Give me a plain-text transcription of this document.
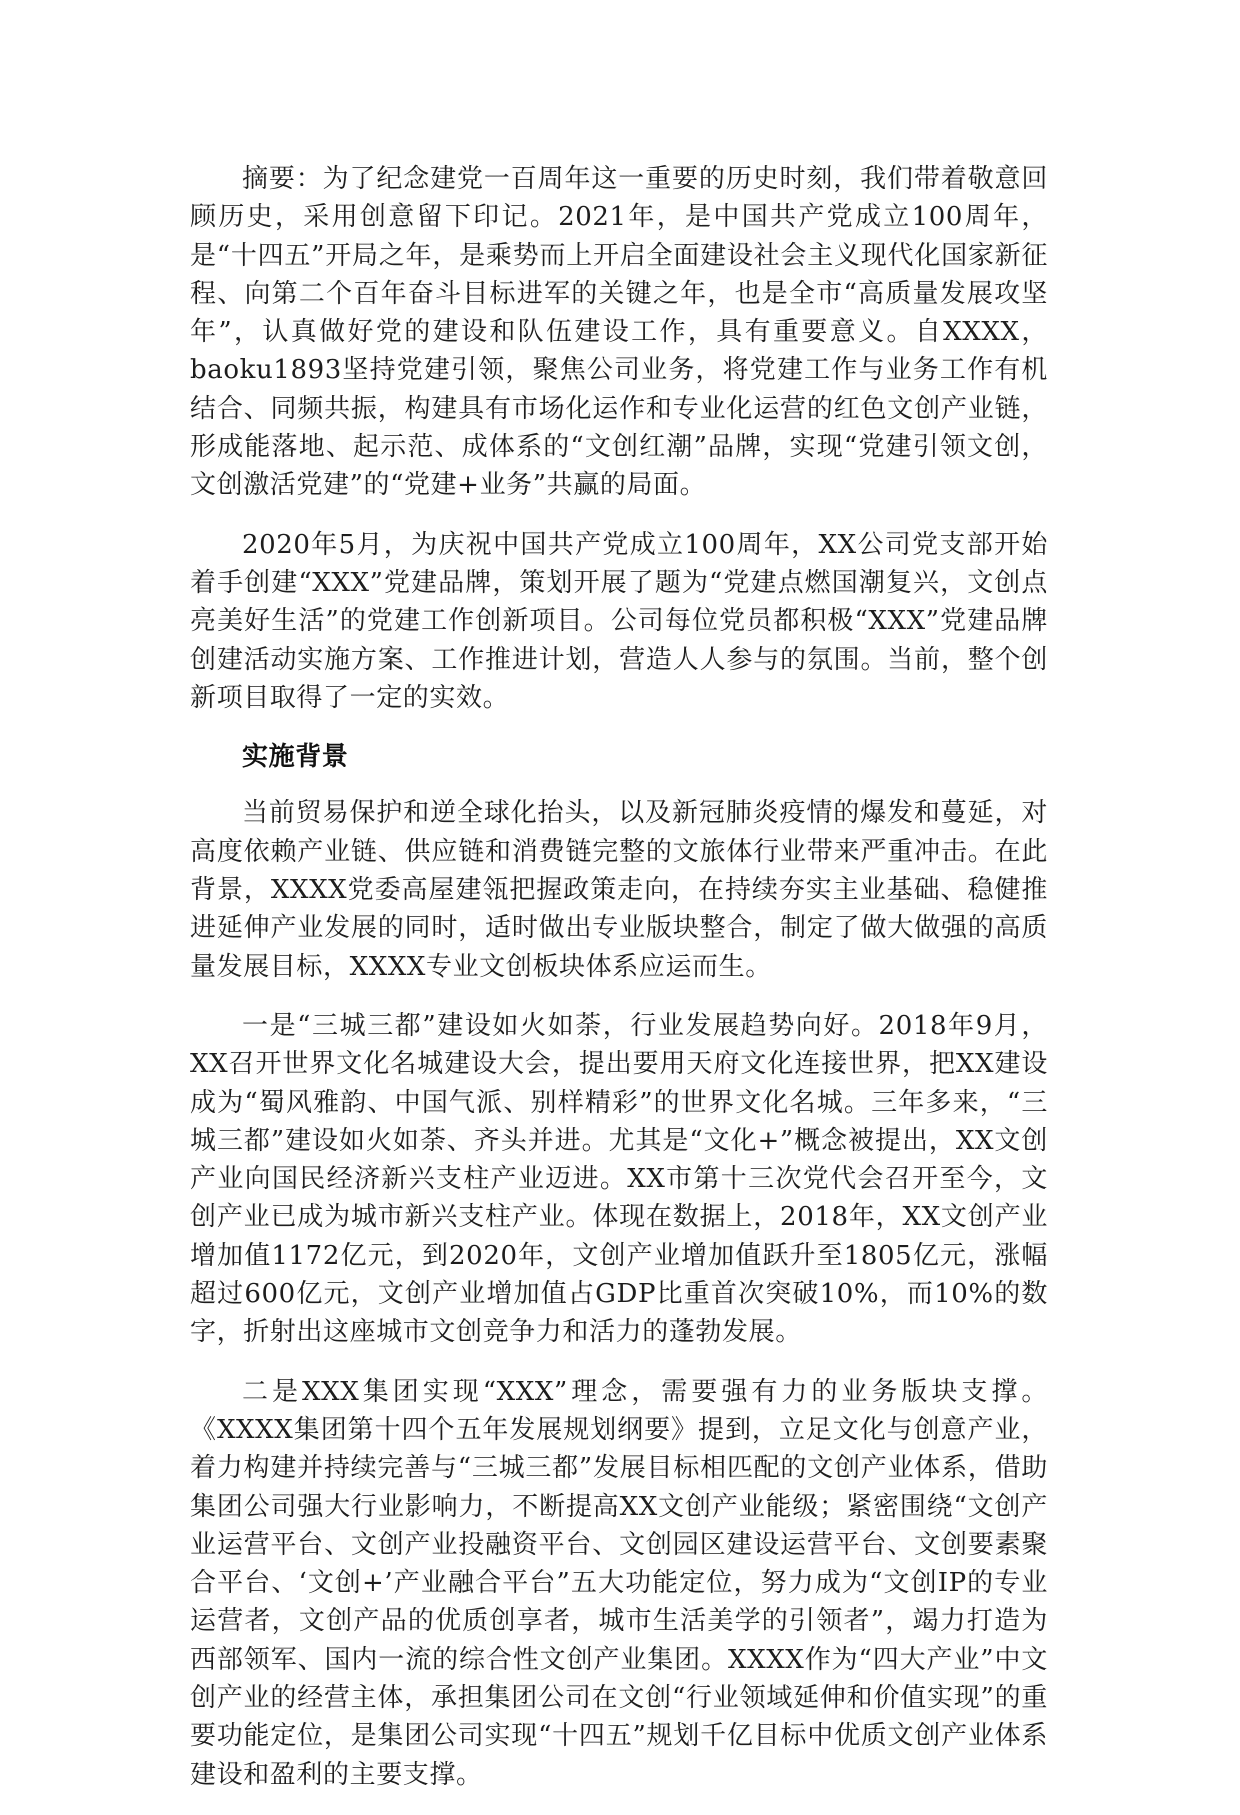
摘要：为了纪念建党一百周年这一重要的历史时刻，我们带着敬意回顾历史，采用创意留下印记。2021年，是中国共产党成立100周年，是“十四五”开局之年，是乘势而上开启全面建设社会主义现代化国家新征程、向第二个百年奋斗目标进军的关键之年，也是全市“高质量发展攻坚年”，认真做好党的建设和队伍建设工作，具有重要意义。自XXXX，baoku1893坚持党建引领，聚焦公司业务，将党建工作与业务工作有机结合、同频共振，构建具有市场化运作和专业化运营的红色文创产业链，形成能落地、起示范、成体系的“文创红潮”品牌，实现“党建引领文创，文创激活党建”的“党建+业务”共赢的局面。

2020年5月，为庆祝中国共产党成立100周年，XX公司党支部开始着手创建“XXX”党建品牌，策划开展了题为“党建点燃国潮复兴，文创点亮美好生活”的党建工作创新项目。公司每位党员都积极“XXX”党建品牌创建活动实施方案、工作推进计划，营造人人参与的氛围。当前，整个创新项目取得了一定的实效。

实施背景

当前贸易保护和逆全球化抬头，以及新冠肺炎疫情的爆发和蔓延，对高度依赖产业链、供应链和消费链完整的文旅体行业带来严重冲击。在此背景，XXXX党委高屋建瓴把握政策走向，在持续夯实主业基础、稳健推进延伸产业发展的同时，适时做出专业版块整合，制定了做大做强的高质量发展目标，XXXX专业文创板块体系应运而生。

一是“三城三都”建设如火如荼，行业发展趋势向好。2018年9月，XX召开世界文化名城建设大会，提出要用天府文化连接世界，把XX建设成为“蜀风雅韵、中国气派、别样精彩”的世界文化名城。三年多来，“三城三都”建设如火如荼、齐头并进。尤其是“文化+”概念被提出，XX文创产业向国民经济新兴支柱产业迈进。XX市第十三次党代会召开至今，文创产业已成为城市新兴支柱产业。体现在数据上，2018年，XX文创产业增加值1172亿元，到2020年，文创产业增加值跃升至1805亿元，涨幅超过600亿元，文创产业增加值占GDP比重首次突破10%，而10%的数字，折射出这座城市文创竞争力和活力的蓬勃发展。

二是XXX集团实现“XXX”理念，需要强有力的业务版块支撑。《XXXX集团第十四个五年发展规划纲要》提到，立足文化与创意产业，着力构建并持续完善与“三城三都”发展目标相匹配的文创产业体系，借助集团公司强大行业影响力，不断提高XX文创产业能级；紧密围绕“文创产业运营平台、文创产业投融资平台、文创园区建设运营平台、文创要素聚合平台、‘文创+’产业融合平台”五大功能定位，努力成为“文创IP的专业运营者，文创产品的优质创享者，城市生活美学的引领者”，竭力打造为西部领军、国内一流的综合性文创产业集团。XXXX作为“四大产业”中文创产业的经营主体，承担集团公司在文创“行业领域延伸和价值实现”的重要功能定位，是集团公司实现“十四五”规划千亿目标中优质文创产业体系建设和盈利的主要支撑。
